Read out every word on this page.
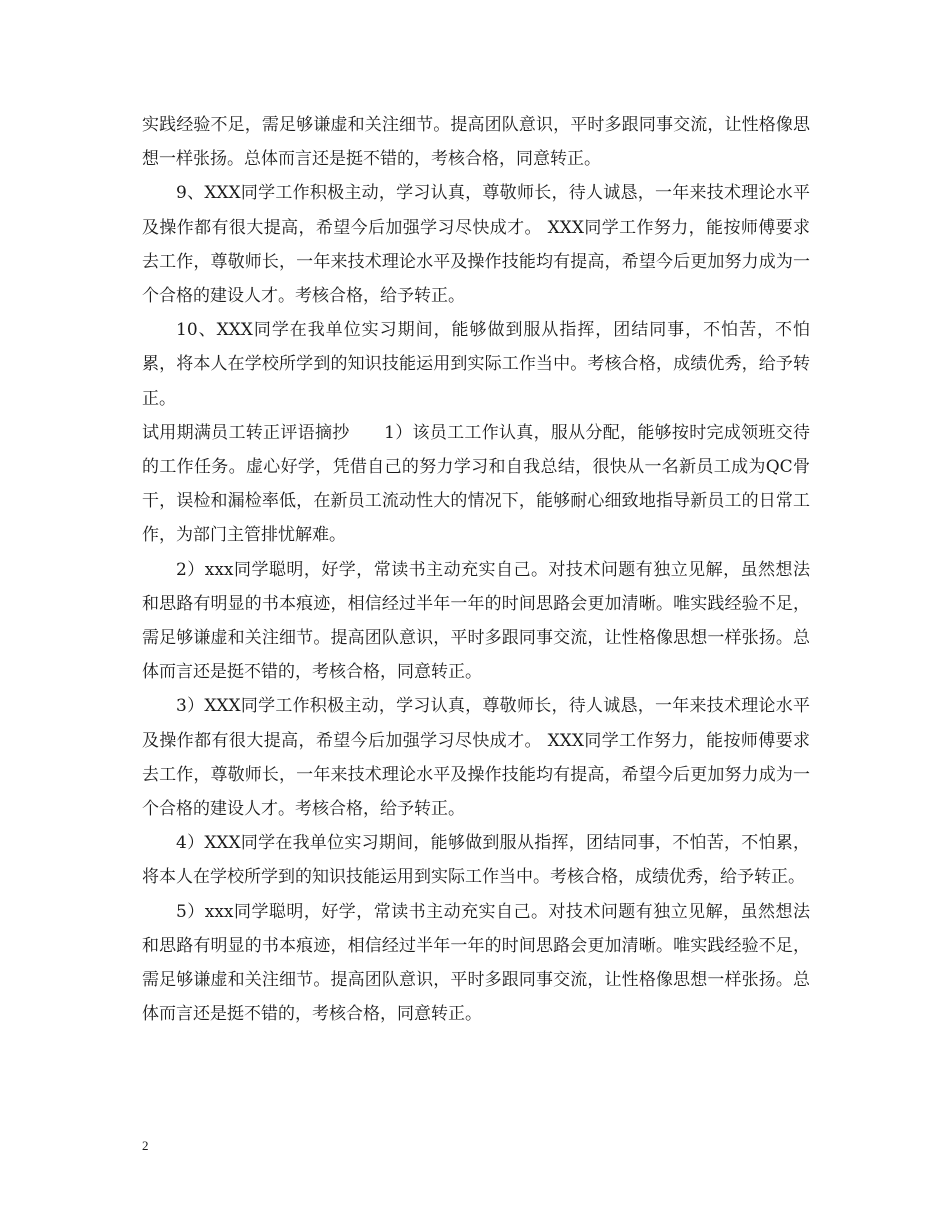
实践经验不足，需足够谦虚和关注细节。提高团队意识，平时多跟同事交流，让性格像思想一样张扬。总体而言还是挺不错的，考核合格，同意转正。

9、XXX同学工作积极主动，学习认真，尊敬师长，待人诚恳，一年来技术理论水平及操作都有很大提高，希望今后加强学习尽快成才。 XXX同学工作努力，能按师傅要求去工作，尊敬师长，一年来技术理论水平及操作技能均有提高，希望今后更加努力成为一个合格的建设人才。考核合格，给予转正。

10、XXX同学在我单位实习期间，能够做到服从指挥，团结同事，不怕苦，不怕累，将本人在学校所学到的知识技能运用到实际工作当中。考核合格，成绩优秀，给予转正。

试用期满员工转正评语摘抄　　1）该员工工作认真，服从分配，能够按时完成领班交待的工作任务。虚心好学，凭借自己的努力学习和自我总结，很快从一名新员工成为QC骨干，误检和漏检率低，在新员工流动性大的情况下，能够耐心细致地指导新员工的日常工作，为部门主管排忧解难。

2）xxx同学聪明，好学，常读书主动充实自己。对技术问题有独立见解，虽然想法和思路有明显的书本痕迹，相信经过半年一年的时间思路会更加清晰。唯实践经验不足，需足够谦虚和关注细节。提高团队意识，平时多跟同事交流，让性格像思想一样张扬。总体而言还是挺不错的，考核合格，同意转正。

3）XXX同学工作积极主动，学习认真，尊敬师长，待人诚恳，一年来技术理论水平及操作都有很大提高，希望今后加强学习尽快成才。 XXX同学工作努力，能按师傅要求去工作，尊敬师长，一年来技术理论水平及操作技能均有提高，希望今后更加努力成为一个合格的建设人才。考核合格，给予转正。

4）XXX同学在我单位实习期间，能够做到服从指挥，团结同事，不怕苦，不怕累，将本人在学校所学到的知识技能运用到实际工作当中。考核合格，成绩优秀，给予转正。

5）xxx同学聪明，好学，常读书主动充实自己。对技术问题有独立见解，虽然想法和思路有明显的书本痕迹，相信经过半年一年的时间思路会更加清晰。唯实践经验不足，需足够谦虚和关注细节。提高团队意识，平时多跟同事交流，让性格像思想一样张扬。总体而言还是挺不错的，考核合格，同意转正。

2
